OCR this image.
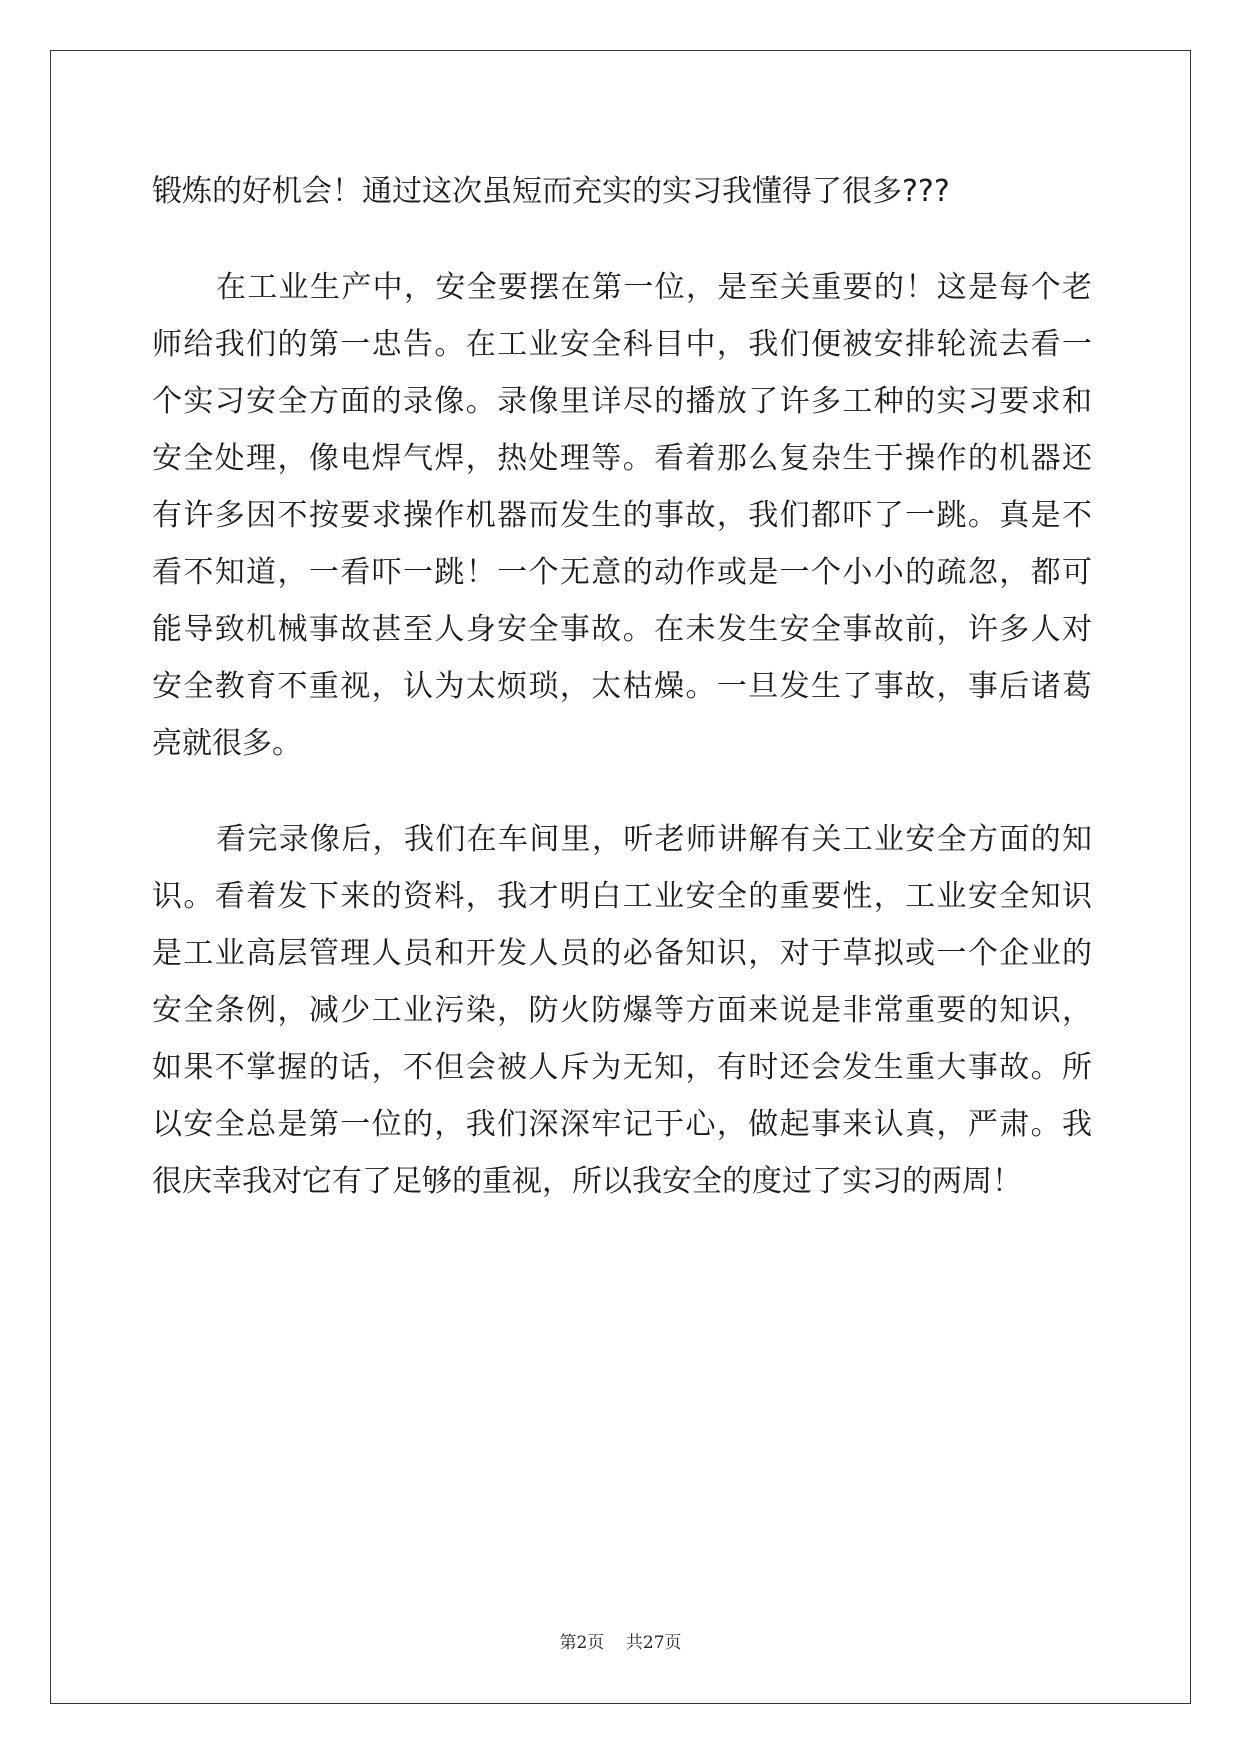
锻炼的好机会！通过这次虽短而充实的实习我懂得了很多???

在工业生产中，安全要摆在第一位，是至关重要的！这是每个老

师给我们的第一忠告。在工业安全科目中，我们便被安排轮流去看一

个实习安全方面的录像。录像里详尽的播放了许多工种的实习要求和

安全处理，像电焊气焊，热处理等。看着那么复杂生于操作的机器还

有许多因不按要求操作机器而发生的事故，我们都吓了一跳。真是不

看不知道，一看吓一跳！一个无意的动作或是一个小小的疏忽，都可

能导致机械事故甚至人身安全事故。在未发生安全事故前，许多人对

安全教育不重视，认为太烦琐，太枯燥。一旦发生了事故，事后诸葛

亮就很多。

看完录像后，我们在车间里，听老师讲解有关工业安全方面的知

识。看着发下来的资料，我才明白工业安全的重要性，工业安全知识

是工业高层管理人员和开发人员的必备知识，对于草拟或一个企业的

安全条例，减少工业污染，防火防爆等方面来说是非常重要的知识，

如果不掌握的话，不但会被人斥为无知，有时还会发生重大事故。所

以安全总是第一位的，我们深深牢记于心，做起事来认真，严肃。我

很庆幸我对它有了足够的重视，所以我安全的度过了实习的两周！

第2页 共27页
